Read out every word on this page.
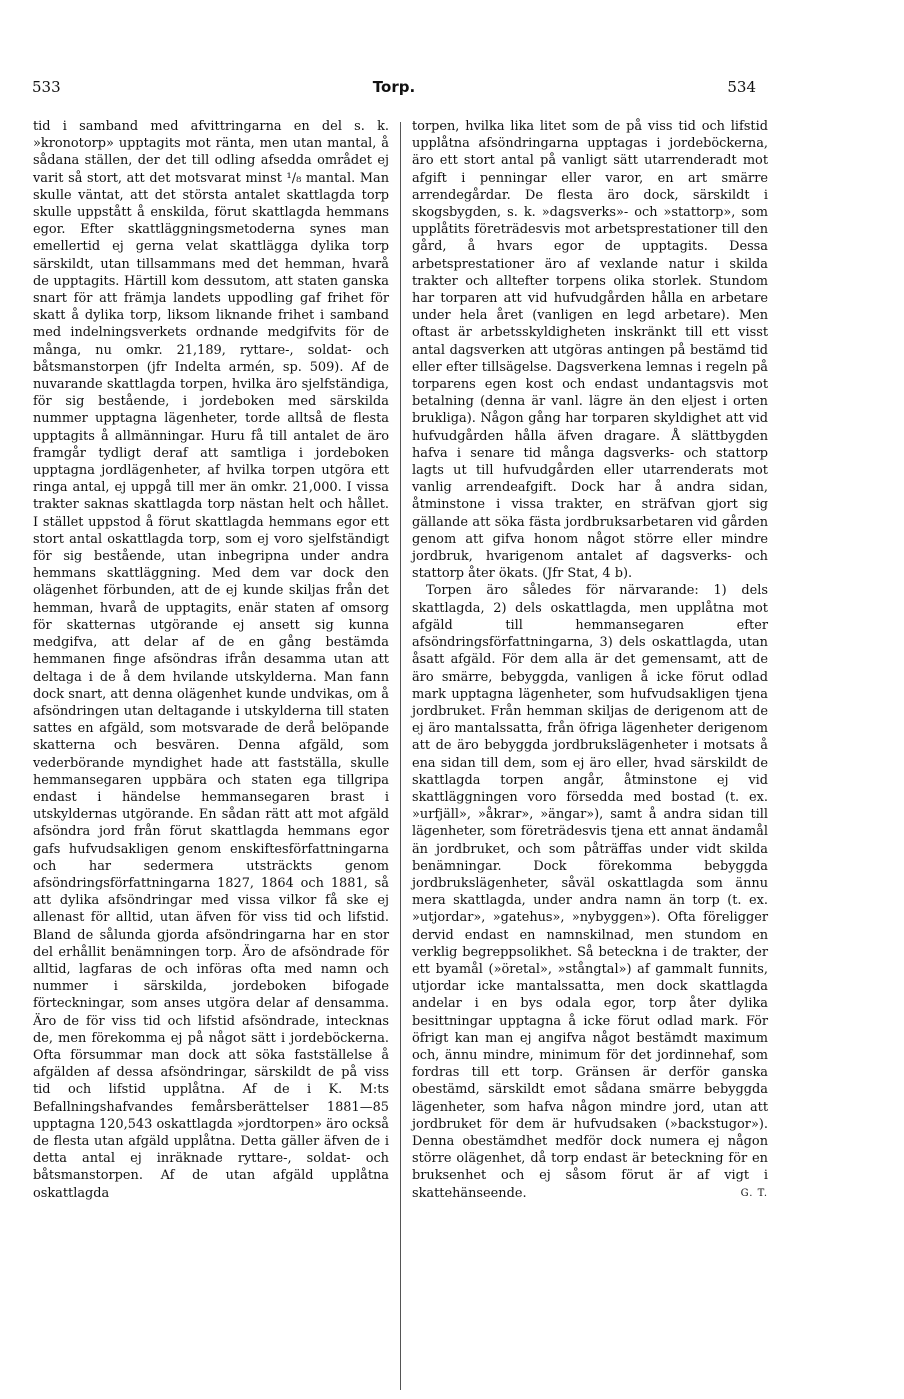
533	Torp.	534

tid i samband med afvittringarna en del s. k. »kronotorp» upptagits mot ränta, men utan mantal, å sådana ställen, der det till odling afsedda området ej varit så stort, att det motsvarat minst ¹/₈ mantal. Man skulle väntat, att det största antalet skattlagda torp skulle uppstått å enskilda, förut skattlagda hemmans egor. Efter skattläggningsmetoderna synes man emellertid ej gerna velat skattlägga dylika torp särskildt, utan tillsammans med det hemman, hvarå de upptagits. Härtill kom dessutom, att staten ganska snart för att främja landets uppodling gaf frihet för skatt å dylika torp, liksom liknande frihet i samband med indelningsverkets ordnande medgifvits för de många, nu omkr. 21,189, ryttare-, soldat- och båtsmanstorpen (jfr Indelta armén, sp. 509). Af de nuvarande skattlagda torpen, hvilka äro sjelfständiga, för sig bestående, i jordeboken med särskilda nummer upptagna lägenheter, torde alltså de flesta upptagits å allmänningar. Huru få till antalet de äro framgår tydligt deraf att samtliga i jordeboken upptagna jordlägenheter, af hvilka torpen utgöra ett ringa antal, ej uppgå till mer än omkr. 21,000. I vissa trakter saknas skattlagda torp nästan helt och hållet. I stället uppstod å förut skattlagda hemmans egor ett stort antal oskattlagda torp, som ej voro sjelfständigt för sig bestående, utan inbegripna under andra hemmans skattläggning. Med dem var dock den olägenhet förbunden, att de ej kunde skiljas från det hemman, hvarå de upptagits, enär staten af omsorg för skatternas utgörande ej ansett sig kunna medgifva, att delar af de en gång bestämda hemmanen finge afsöndras ifrån desamma utan att deltaga i de å dem hvilande utskylderna. Man fann dock snart, att denna olägenhet kunde undvikas, om å afsöndringen utan deltagande i utskylderna till staten sattes en afgäld, som motsvarade de derå belöpande skatterna och besvären. Denna afgäld, som vederbörande myndighet hade att fastställa, skulle hemmansegaren uppbära och staten ega tillgripa endast i händelse hemmansegaren brast i utskyldernas utgörande. En sådan rätt att mot afgäld afsöndra jord från förut skattlagda hemmans egor gafs hufvudsakligen genom enskiftesförfattningarna och har sedermera utsträckts genom afsöndringsförfattningarna 1827, 1864 och 1881, så att dylika afsöndringar med vissa vilkor få ske ej allenast för alltid, utan äfven för viss tid och lifstid. Bland de sålunda gjorda afsöndringarna har en stor del erhållit benämningen torp. Äro de afsöndrade för alltid, lagfaras de och införas ofta med namn och nummer i särskilda, jordeboken bifogade förteckningar, som anses utgöra delar af densamma. Äro de för viss tid och lifstid afsöndrade, intecknas de, men förekomma ej på något sätt i jordeböckerna. Ofta försummar man dock att söka fastställelse å afgälden af dessa afsöndringar, särskildt de på viss tid och lifstid upplåtna. Af de i K. M:ts Befallningshafvandes femårsberättelser 1881—85 upptagna 120,543 oskattlagda »jordtorpen» äro också de flesta utan afgäld upplåtna. Detta gäller äfven de i detta antal ej inräknade ryttare-, soldat- och båtsmanstorpen. Af de utan afgäld upplåtna oskattlagda

torpen, hvilka lika litet som de på viss tid och lifstid upplåtna afsöndringarna upptagas i jordeböckerna, äro ett stort antal på vanligt sätt utarrenderadt mot afgift i penningar eller varor, en art smärre arrendegårdar. De flesta äro dock, särskildt i skogsbygden, s. k. »dagsverks»- och »stattorp», som upplåtits företrädesvis mot arbetsprestationer till den gård, å hvars egor de upptagits. Dessa arbetsprestationer äro af vexlande natur i skilda trakter och alltefter torpens olika storlek. Stundom har torparen att vid hufvudgården hålla en arbetare under hela året (vanligen en legd arbetare). Men oftast är arbetsskyldigheten inskränkt till ett visst antal dagsverken att utgöras antingen på bestämd tid eller efter tillsägelse. Dagsverkena lemnas i regeln på torparens egen kost och endast undantagsvis mot betalning (denna är vanl. lägre än den eljest i orten brukliga). Någon gång har torparen skyldighet att vid hufvudgården hålla äfven dragare. Å slättbygden hafva i senare tid många dagsverks- och stattorp lagts ut till hufvudgården eller utarrenderats mot vanlig arrendeafgift. Dock har å andra sidan, åtminstone i vissa trakter, en sträfvan gjort sig gällande att söka fästa jordbruksarbetaren vid gården genom att gifva honom något större eller mindre jordbruk, hvarigenom antalet af dagsverks- och stattorp åter ökats. (Jfr Stat, 4 b).

Torpen äro således för närvarande: 1) dels skattlagda, 2) dels oskattlagda, men upplåtna mot afgäld till hemmansegaren efter afsöndringsförfattningarna, 3) dels oskattlagda, utan åsatt afgäld. För dem alla är det gemensamt, att de äro smärre, bebyggda, vanligen å icke förut odlad mark upptagna lägenheter, som hufvudsakligen tjena jordbruket. Från hemman skiljas de derigenom att de ej äro mantalssatta, från öfriga lägenheter derigenom att de äro bebyggda jordbrukslägenheter i motsats å ena sidan till dem, som ej äro eller, hvad särskildt de skattlagda torpen angår, åtminstone ej vid skattläggningen voro försedda med bostad (t. ex. »urfjäll», »åkrar», »ängar»), samt å andra sidan till lägenheter, som företrädesvis tjena ett annat ändamål än jordbruket, och som påträffas under vidt skilda benämningar. Dock förekomma bebyggda jordbrukslägenheter, såväl oskattlagda som ännu mera skattlagda, under andra namn än torp (t. ex. »utjordar», »gatehus», »nybyggen»). Ofta föreligger dervid endast en namnskilnad, men stundom en verklig begreppsolikhet. Så beteckna i de trakter, der ett byamål (»öretal», »stångtal») af gammalt funnits, utjordar icke mantalssatta, men dock skattlagda andelar i en bys odala egor, torp åter dylika besittningar upptagna å icke förut odlad mark. För öfrigt kan man ej angifva något bestämdt maximum och, ännu mindre, minimum för det jordinnehaf, som fordras till ett torp. Gränsen är derför ganska obestämd, särskildt emot sådana smärre bebyggda lägenheter, som hafva någon mindre jord, utan att jordbruket för dem är hufvudsaken (»backstugor»). Denna obestämdhet medför dock numera ej någon större olägenhet, då torp endast är beteckning för en bruksenhet och ej såsom förut är af vigt i skattehänseende.	G. T.
